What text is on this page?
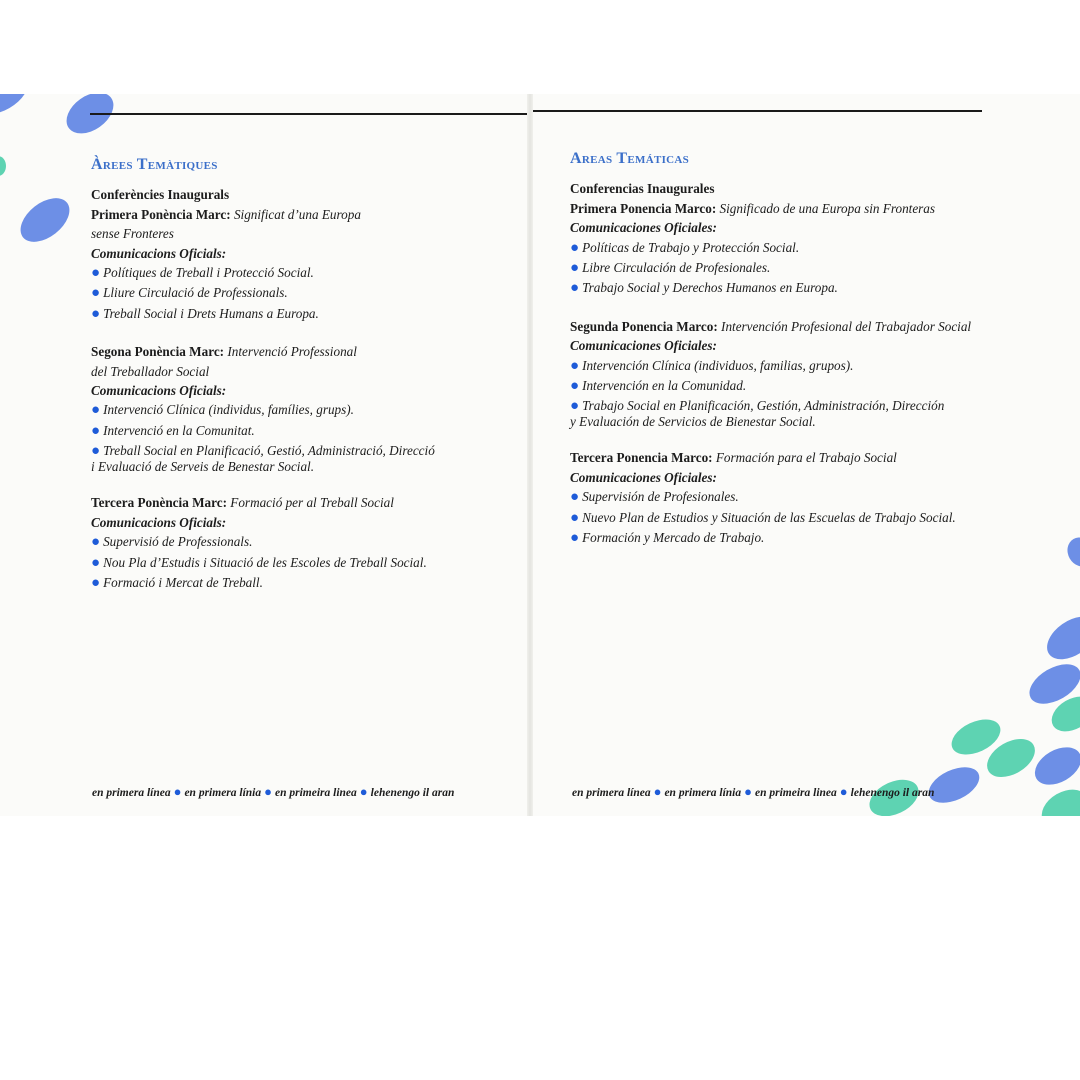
Àrees Temàtiques
Conferències Inaugurals
Primera Ponència Marc: Significat d’una Europa
sense Fronteres
Comunicacions Oficials:
● Polítiques de Treball i Protecció Social.
● Lliure Circulació de Professionals.
● Treball Social i Drets Humans a Europa.
Segona Ponència Marc: Intervenció Professional
del Treballador Social
Comunicacions Oficials:
● Intervenció Clínica (individus, famílies, grups).
● Intervenció en la Comunitat.
● Treball Social en Planificació, Gestió, Administració, Direcció
i Evaluació de Serveis de Benestar Social.
Tercera Ponència Marc: Formació per al Treball Social
Comunicacions Oficials:
● Supervisió de Professionals.
● Nou Pla d’Estudis i Situació de les Escoles de Treball Social.
● Formació i Mercat de Treball.
Areas Temáticas
Conferencias Inaugurales
Primera Ponencia Marco: Significado de una Europa sin Fronteras
Comunicaciones Oficiales:
● Políticas de Trabajo y Protección Social.
● Libre Circulación de Profesionales.
● Trabajo Social y Derechos Humanos en Europa.
Segunda Ponencia Marco: Intervención Profesional del Trabajador Social
Comunicaciones Oficiales:
● Intervención Clínica (individuos, familias, grupos).
● Intervención en la Comunidad.
● Trabajo Social en Planificación, Gestión, Administración, Dirección
y Evaluación de Servicios de Bienestar Social.
Tercera Ponencia Marco: Formación para el Trabajo Social
Comunicaciones Oficiales:
● Supervisión de Profesionales.
● Nuevo Plan de Estudios y Situación de las Escuelas de Trabajo Social.
● Formación y Mercado de Trabajo.
en primera línea ● en primera línia ● en primeira linea ● lehenengo il aran	en primera línea ● en primera línia ● en primeira linea ● lehenengo il aran
